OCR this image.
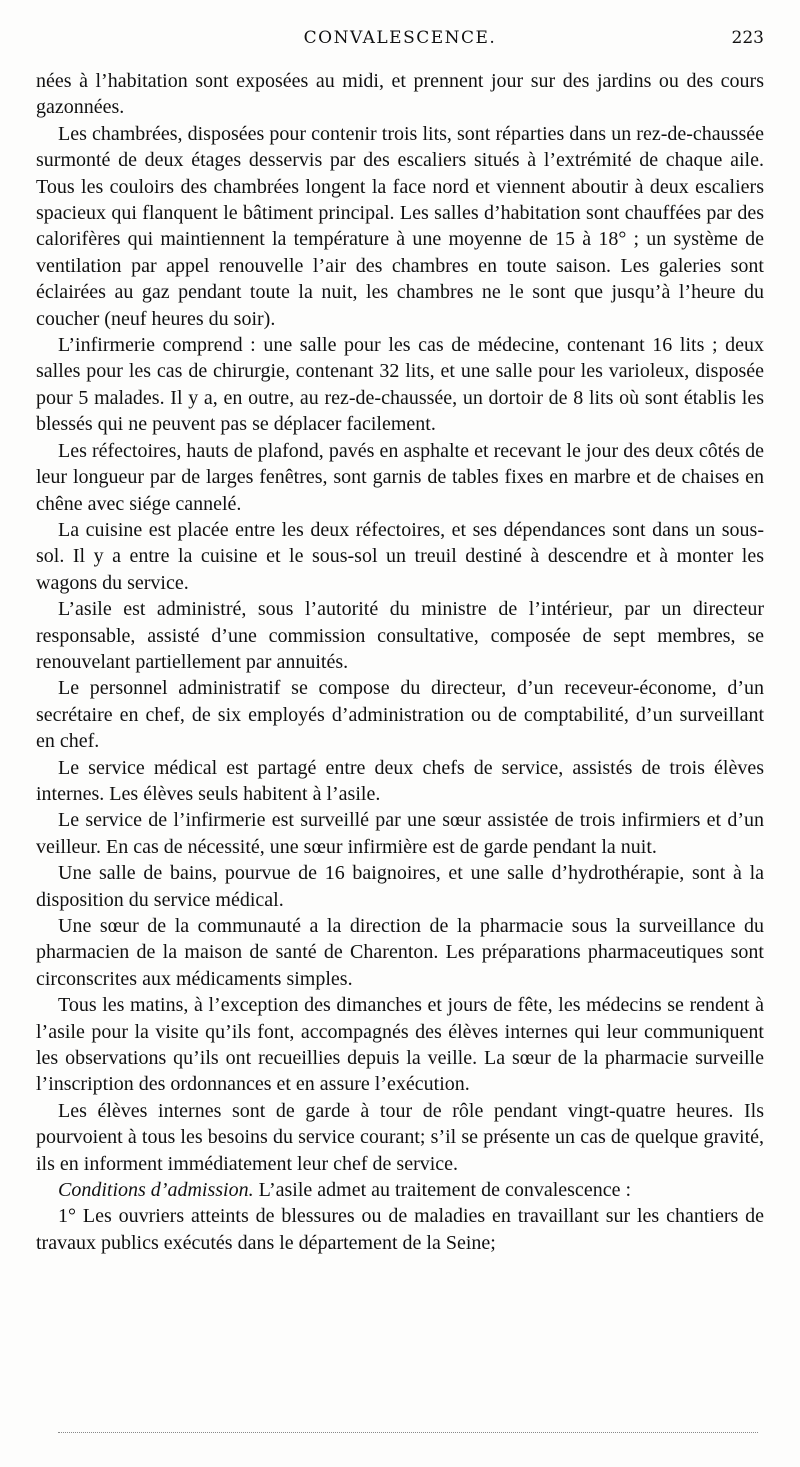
CONVALESCENCE.	223

nées à l’habitation sont exposées au midi, et prennent jour sur des jardins ou des cours gazonnées.

Les chambrées, disposées pour contenir trois lits, sont réparties dans un rez-de-chaussée surmonté de deux étages desservis par des escaliers situés à l’extrémité de chaque aile. Tous les couloirs des chambrées longent la face nord et viennent aboutir à deux escaliers spacieux qui flanquent le bâtiment principal. Les salles d’habitation sont chauffées par des calorifères qui maintiennent la température à une moyenne de 15 à 18° ; un système de ventilation par appel renouvelle l’air des chambres en toute saison. Les galeries sont éclairées au gaz pendant toute la nuit, les chambres ne le sont que jusqu’à l’heure du coucher (neuf heures du soir).

L’infirmerie comprend : une salle pour les cas de médecine, contenant 16 lits ; deux salles pour les cas de chirurgie, contenant 32 lits, et une salle pour les varioleux, disposée pour 5 malades. Il y a, en outre, au rez-de-chaussée, un dortoir de 8 lits où sont établis les blessés qui ne peuvent pas se déplacer facilement.

Les réfectoires, hauts de plafond, pavés en asphalte et recevant le jour des deux côtés de leur longueur par de larges fenêtres, sont garnis de tables fixes en marbre et de chaises en chêne avec siége cannelé.

La cuisine est placée entre les deux réfectoires, et ses dépendances sont dans un sous-sol. Il y a entre la cuisine et le sous-sol un treuil destiné à descendre et à monter les wagons du service.

L’asile est administré, sous l’autorité du ministre de l’intérieur, par un directeur responsable, assisté d’une commission consultative, composée de sept membres, se renouvelant partiellement par annuités.

Le personnel administratif se compose du directeur, d’un receveur-économe, d’un secrétaire en chef, de six employés d’administration ou de comptabilité, d’un surveillant en chef.

Le service médical est partagé entre deux chefs de service, assistés de trois élèves internes. Les élèves seuls habitent à l’asile.

Le service de l’infirmerie est surveillé par une sœur assistée de trois infirmiers et d’un veilleur. En cas de nécessité, une sœur infirmière est de garde pendant la nuit.

Une salle de bains, pourvue de 16 baignoires, et une salle d’hydrothérapie, sont à la disposition du service médical.

Une sœur de la communauté a la direction de la pharmacie sous la surveillance du pharmacien de la maison de santé de Charenton. Les préparations pharmaceutiques sont circonscrites aux médicaments simples.

Tous les matins, à l’exception des dimanches et jours de fête, les médecins se rendent à l’asile pour la visite qu’ils font, accompagnés des élèves internes qui leur communiquent les observations qu’ils ont recueillies depuis la veille. La sœur de la pharmacie surveille l’inscription des ordonnances et en assure l’exécution.

Les élèves internes sont de garde à tour de rôle pendant vingt-quatre heures. Ils pourvoient à tous les besoins du service courant; s’il se présente un cas de quelque gravité, ils en informent immédiatement leur chef de service.

Conditions d’admission. L’asile admet au traitement de convalescence :

1° Les ouvriers atteints de blessures ou de maladies en travaillant sur les chantiers de travaux publics exécutés dans le département de la Seine;
